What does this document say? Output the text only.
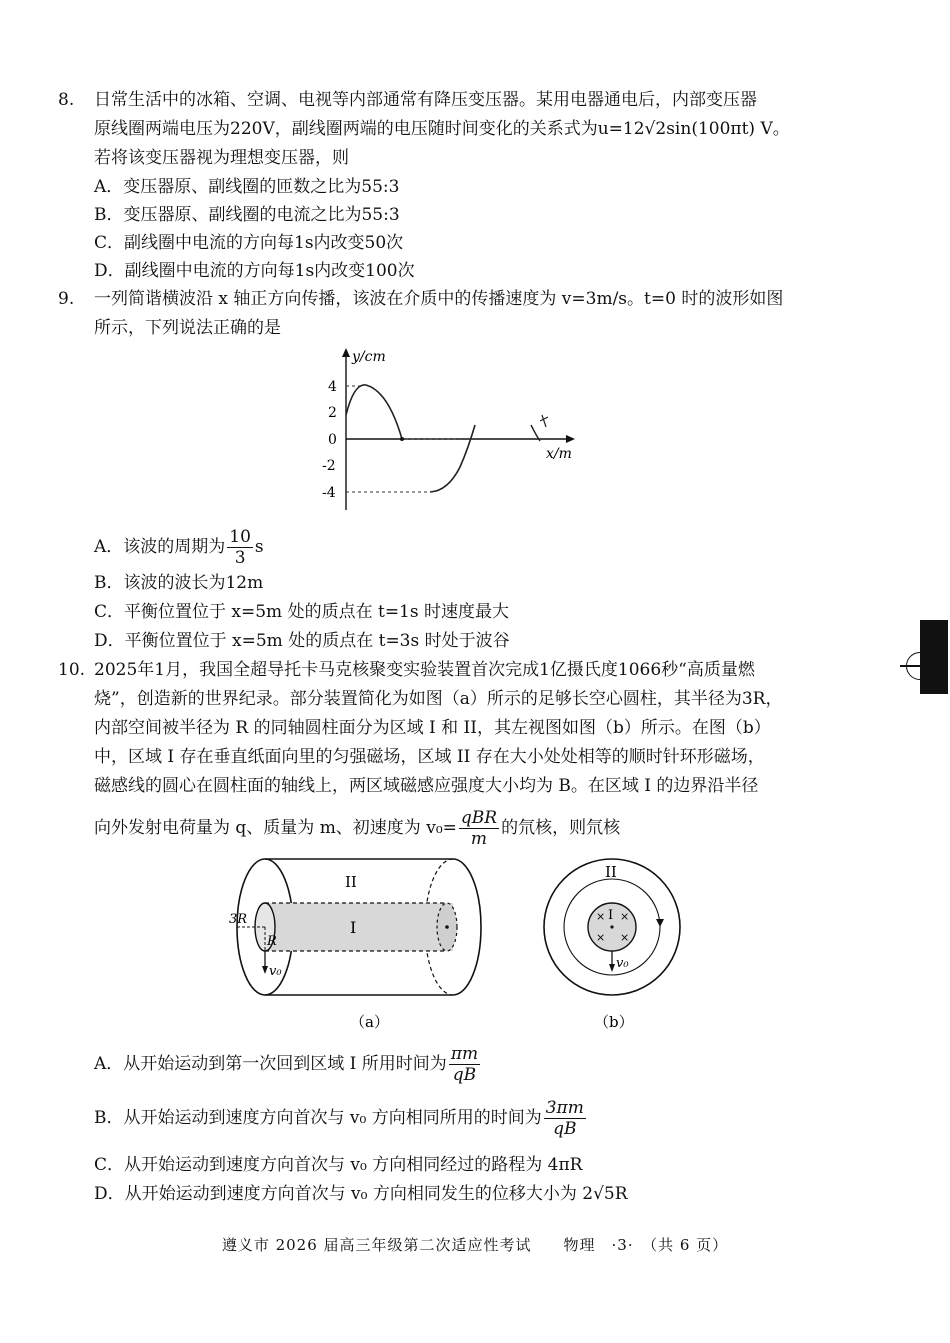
8. 日常生活中的冰箱、空调、电视等内部通常有降压变压器。某用电器通电后，内部变压器
原线圈两端电压为220V，副线圈两端的电压随时间变化的关系式为u=12√2sin(100πt) V。
若将该变压器视为理想变压器，则
A．变压器原、副线圈的匝数之比为55:3
B．变压器原、副线圈的电流之比为55:3
C．副线圈中电流的方向每1s内改变50次
D．副线圈中电流的方向每1s内改变100次
9. 一列简谐横波沿 x 轴正方向传播，该波在介质中的传播速度为 v=3m/s。t=0 时的波形如图
所示，下列说法正确的是
y/cm
x/m
4
2
0
-2
-4
A．该波的周期为 $\frac{10}{3}$ s
B．该波的波长为12m
C．平衡位置位于 x=5m 处的质点在 t=1s 时速度最大
D．平衡位置位于 x=5m 处的质点在 t=3s 时处于波谷
10. 2025年1月，我国全超导托卡马克核聚变实验装置首次完成1亿摄氏度1066秒“高质量燃
烧”，创造新的世界纪录。部分装置简化为如图（a）所示的足够长空心圆柱，其半径为3R，
内部空间被半径为 R 的同轴圆柱面分为区域 I 和 II，其左视图如图（b）所示。在图（b）
中，区域 I 存在垂直纸面向里的匀强磁场，区域 II 存在大小处处相等的顺时针环形磁场，
磁感线的圆心在圆柱面的轴线上，两区域磁感应强度大小均为 B。在区域 I 的边界沿半径
向外发射电荷量为 q、质量为 m、初速度为 $v_0= \frac{\text{qBR}}{m}$ 的氘核，则氘核
II
I
3R
R
v₀
（a）
× ×
× ×
II
I
v₀
（b）
A．从开始运动到第一次回到区域 I 所用时间为 $\frac{\pi m}{qB}$
B．从开始运动到速度方向首次与 v₀ 方向相同所用的时间为 $\frac{3\pi m}{qB}$
C．从开始运动到速度方向首次与 v₀ 方向相同经过的路程为 4πR
D．从开始运动到速度方向首次与 v₀ 方向相同发生的位移大小为 2√5R
遵义市 2026 届高三年级第二次适应性考试　　物理　·3·　（共 6 页）
